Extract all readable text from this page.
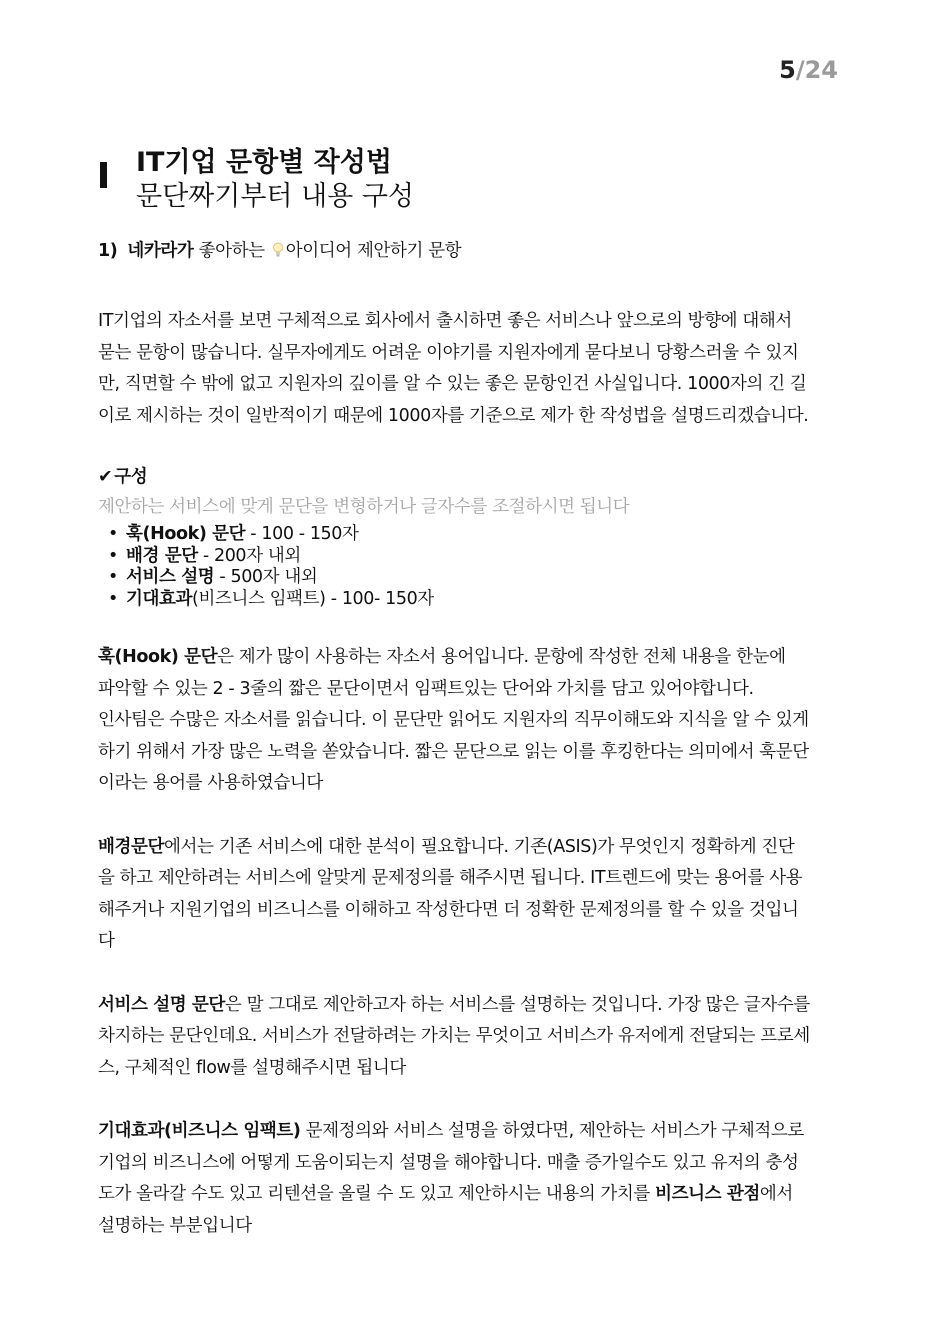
5/24
IT기업 문항별 작성법
문단짜기부터 내용 구성
1) 네카라가 좋아하는 아이디어 제안하기 문항

IT기업의 자소서를 보면 구체적으로 회사에서 출시하면 좋은 서비스나 앞으로의 방향에 대해서

묻는 문항이 많습니다. 실무자에게도 어려운 이야기를 지원자에게 묻다보니 당황스러울 수 있지

만, 직면할 수 밖에 없고 지원자의 깊이를 알 수 있는 좋은 문항인건 사실입니다. 1000자의 긴 길

이로 제시하는 것이 일반적이기 때문에 1000자를 기준으로 제가 한 작성법을 설명드리겠습니다.

✔ 구성

제안하는 서비스에 맞게 문단을 변형하거나 글자수를 조절하시면 됩니다

• 훅(Hook) 문단 - 100 - 150자
• 배경 문단 - 200자 내외
• 서비스 설명 - 500자 내외
• 기대효과(비즈니스 임팩트) - 100- 150자

훅(Hook) 문단은 제가 많이 사용하는 자소서 용어입니다. 문항에 작성한 전체 내용을 한눈에

파악할 수 있는 2 - 3줄의 짧은 문단이면서 임팩트있는 단어와 가치를 담고 있어야합니다.

인사팀은 수많은 자소서를 읽습니다. 이 문단만 읽어도 지원자의 직무이해도와 지식을 알 수 있게

하기 위해서 가장 많은 노력을 쏟았습니다. 짧은 문단으로 읽는 이를 후킹한다는 의미에서 훅문단

이라는 용어를 사용하였습니다

배경문단에서는 기존 서비스에 대한 분석이 필요합니다. 기존(ASIS)가 무엇인지 정확하게 진단

을 하고 제안하려는 서비스에 알맞게 문제정의를 해주시면 됩니다. IT트렌드에 맞는 용어를 사용

해주거나 지원기업의 비즈니스를 이해하고 작성한다면 더 정확한 문제정의를 할 수 있을 것입니

다

서비스 설명 문단은 말 그대로 제안하고자 하는 서비스를 설명하는 것입니다. 가장 많은 글자수를

차지하는 문단인데요. 서비스가 전달하려는 가치는 무엇이고 서비스가 유저에게 전달되는 프로세

스, 구체적인 flow를 설명해주시면 됩니다

기대효과(비즈니스 임팩트) 문제정의와 서비스 설명을 하였다면, 제안하는 서비스가 구체적으로

기업의 비즈니스에 어떻게 도움이되는지 설명을 해야합니다. 매출 증가일수도 있고 유저의 충성

도가 올라갈 수도 있고 리텐션을 올릴 수 도 있고 제안하시는 내용의 가치를 비즈니스 관점에서

설명하는 부분입니다
